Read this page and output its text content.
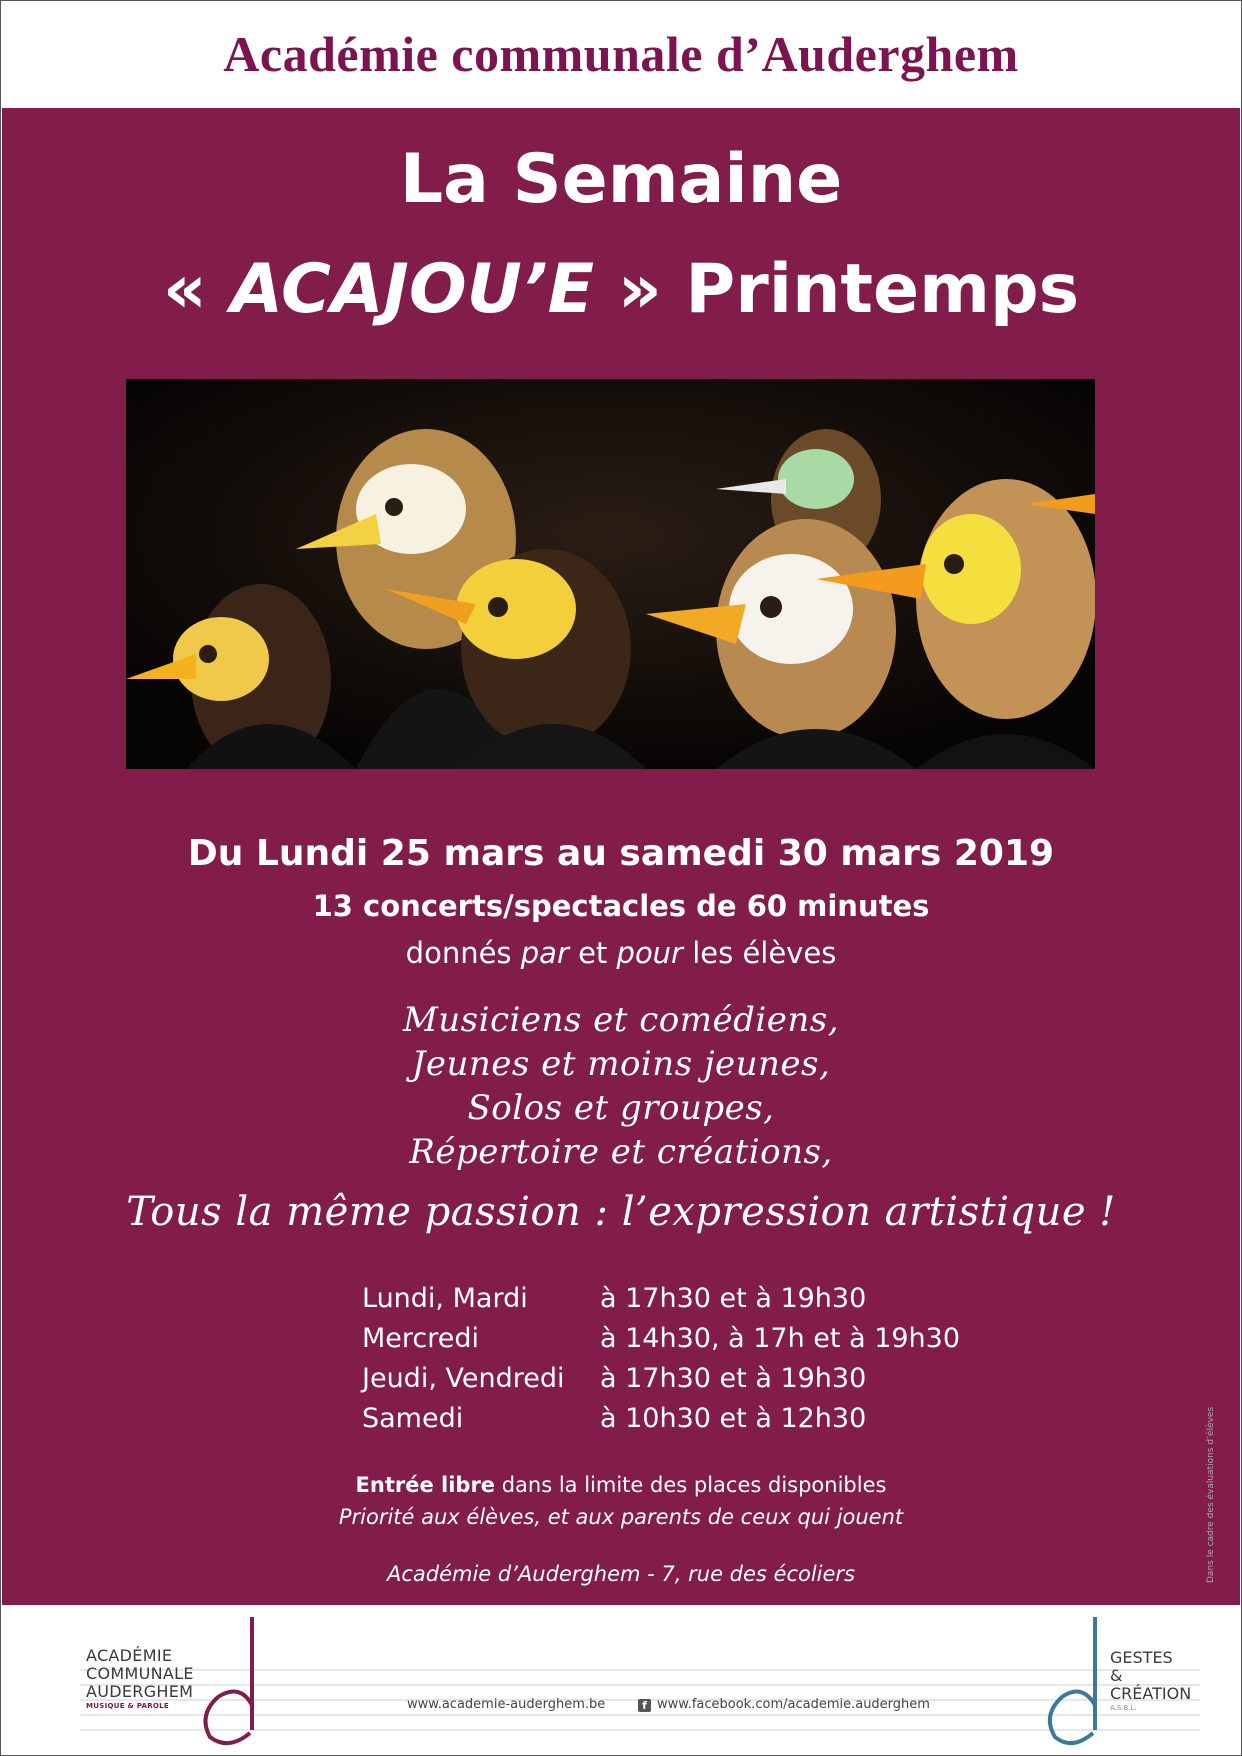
Académie communale d’Auderghem
La Semaine
« ACAJOU’E » Printemps
Du Lundi 25 mars au samedi 30 mars 2019
13 concerts/spectacles de 60 minutes
donnés par et pour les élèves
Musiciens et comédiens,
Jeunes et moins jeunes,
Solos et groupes,
Répertoire et créations,
Tous la même passion : l’expression artistique !
Lundi, Mardi	à 17h30 et à 19h30
Mercredi	à 14h30, à 17h et à 19h30
Jeudi, Vendredi	à 17h30 et à 19h30
Samedi	à 10h30 et à 12h30
Entrée libre dans la limite des places disponibles
Priorité aux élèves, et aux parents de ceux qui jouent
Académie d’Auderghem - 7, rue des écoliers	Dans le cadre des évaluations d’élèves
ACADÉMIE
COMMUNALE
AUDERGHEM
MUSIQUE & PAROLE	www.academie-auderghem.be	f www.facebook.com/academie.auderghem
GESTES
&
CRÉATION
A.S.B.L.
